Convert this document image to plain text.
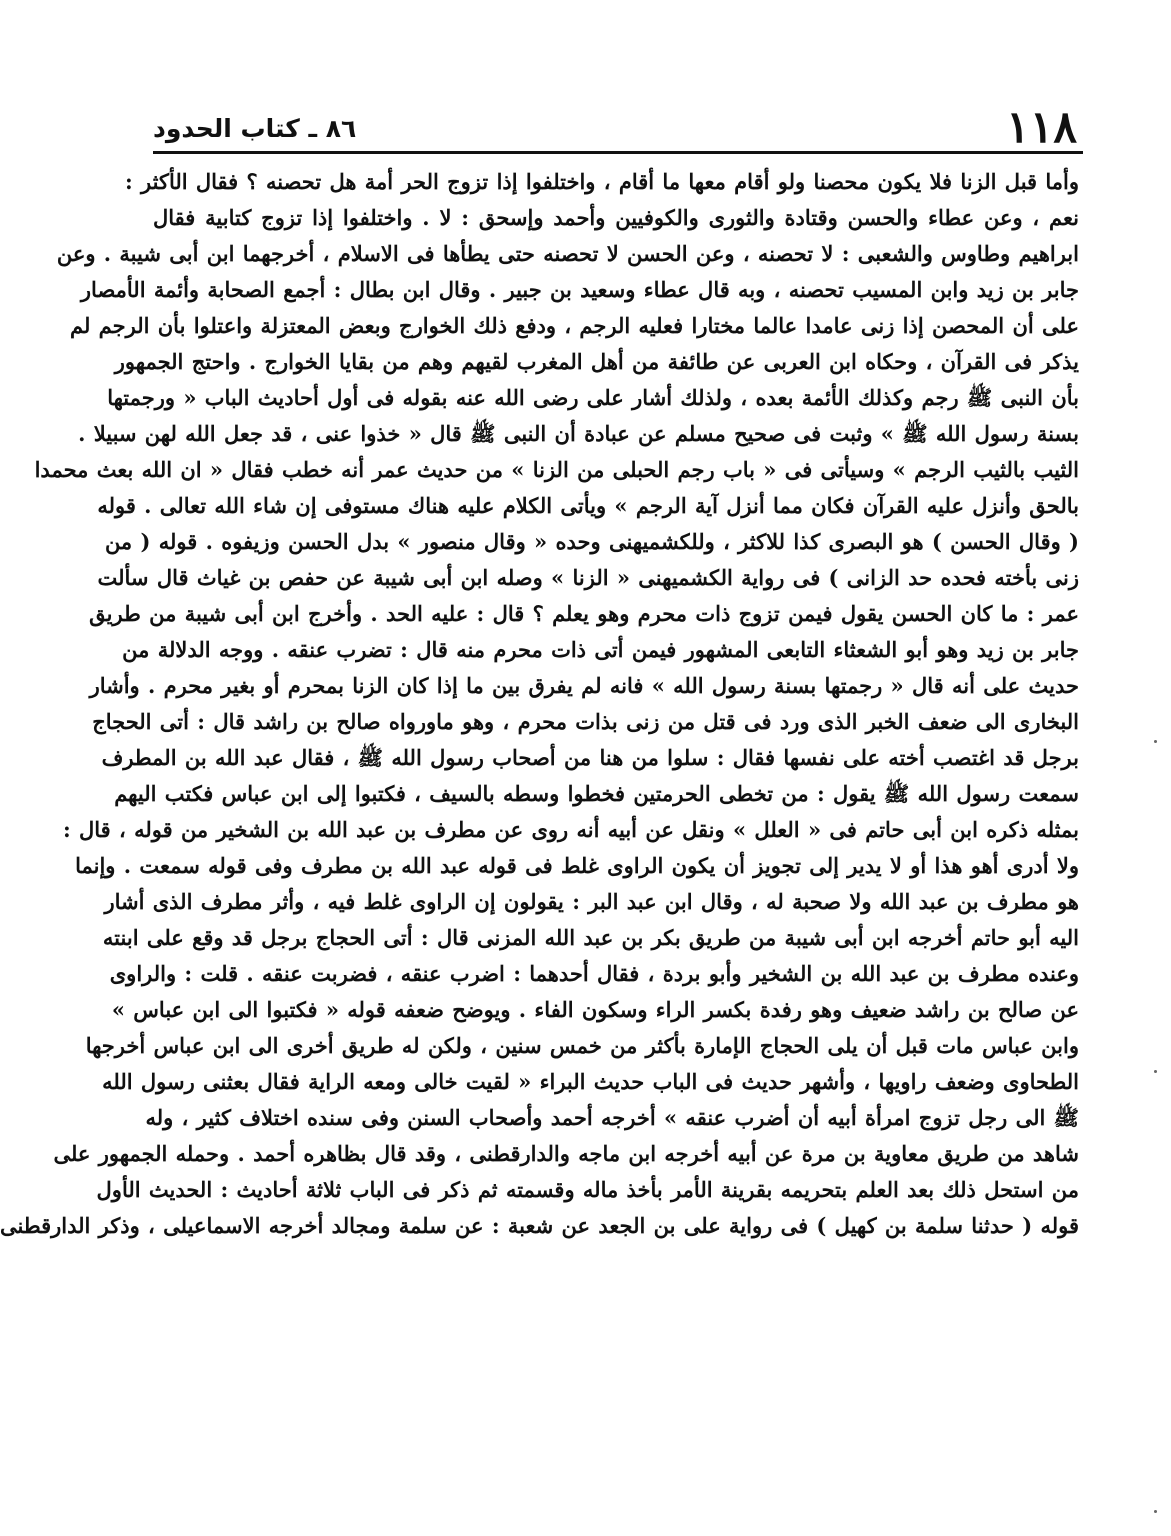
١١٨
٨٦ ـ كتاب الحدود
وأما قبل الزنا فلا يكون محصنا ولو أقام معها ما أقام ، واختلفوا إذا تزوج الحر أمة هل تحصنه ؟ فقال الأكثر :
نعم ، وعن عطاء والحسن وقتادة والثورى والكوفيين وأحمد وإسحق : لا . واختلفوا إذا تزوج كتابية فقال
ابراهيم وطاوس والشعبى : لا تحصنه ، وعن الحسن لا تحصنه حتى يطأها فى الاسلام ، أخرجهما ابن أبى شيبة . وعن
جابر بن زيد وابن المسيب تحصنه ، وبه قال عطاء وسعيد بن جبير . وقال ابن بطال : أجمع الصحابة وأئمة الأمصار
على أن المحصن إذا زنى عامدا عالما مختارا فعليه الرجم ، ودفع ذلك الخوارج وبعض المعتزلة واعتلوا بأن الرجم لم
يذكر فى القرآن ، وحكاه ابن العربى عن طائفة من أهل المغرب لقيهم وهم من بقايا الخوارج . واحتج الجمهور
بأن النبى ﷺ رجم وكذلك الأئمة بعده ، ولذلك أشار على رضى الله عنه بقوله فى أول أحاديث الباب « ورجمتها
بسنة رسول الله ﷺ » وثبت فى صحيح مسلم عن عبادة أن النبى ﷺ قال « خذوا عنى ، قد جعل الله لهن سبيلا .
الثيب بالثيب الرجم » وسيأتى فى « باب رجم الحبلى من الزنا » من حديث عمر أنه خطب فقال « ان الله بعث محمدا
بالحق وأنزل عليه القرآن فكان مما أنزل آية الرجم » ويأتى الكلام عليه هناك مستوفى إن شاء الله تعالى . قوله
( وقال الحسن ) هو البصرى كذا للاكثر ، وللكشميهنى وحده « وقال منصور » بدل الحسن وزيفوه . قوله ( من
زنى بأخته فحده حد الزانى ) فى رواية الكشميهنى « الزنا » وصله ابن أبى شيبة عن حفص بن غياث قال سألت
عمر : ما كان الحسن يقول فيمن تزوج ذات محرم وهو يعلم ؟ قال : عليه الحد . وأخرج ابن أبى شيبة من طريق
جابر بن زيد وهو أبو الشعثاء التابعى المشهور فيمن أتى ذات محرم منه قال : تضرب عنقه . ووجه الدلالة من
حديث على أنه قال « رجمتها بسنة رسول الله » فانه لم يفرق بين ما إذا كان الزنا بمحرم أو بغير محرم . وأشار
البخارى الى ضعف الخبر الذى ورد فى قتل من زنى بذات محرم ، وهو ماورواه صالح بن راشد قال : أتى الحجاج
برجل قد اغتصب أخته على نفسها فقال : سلوا من هنا من أصحاب رسول الله ﷺ ، فقال عبد الله بن المطرف
سمعت رسول الله ﷺ يقول : من تخطى الحرمتين فخطوا وسطه بالسيف ، فكتبوا إلى ابن عباس فكتب اليهم
بمثله ذكره ابن أبى حاتم فى « العلل » ونقل عن أبيه أنه روى عن مطرف بن عبد الله بن الشخير من قوله ، قال :
ولا أدرى أهو هذا أو لا يدير إلى تجويز أن يكون الراوى غلط فى قوله عبد الله بن مطرف وفى قوله سمعت . وإنما
هو مطرف بن عبد الله ولا صحبة له ، وقال ابن عبد البر : يقولون إن الراوى غلط فيه ، وأثر مطرف الذى أشار
اليه أبو حاتم أخرجه ابن أبى شيبة من طريق بكر بن عبد الله المزنى قال : أتى الحجاج برجل قد وقع على ابنته
وعنده مطرف بن عبد الله بن الشخير وأبو بردة ، فقال أحدهما : اضرب عنقه ، فضربت عنقه . قلت : والراوى
عن صالح بن راشد ضعيف وهو رفدة بكسر الراء وسكون الفاء . ويوضح ضعفه قوله « فكتبوا الى ابن عباس »
وابن عباس مات قبل أن يلى الحجاج الإمارة بأكثر من خمس سنين ، ولكن له طريق أخرى الى ابن عباس أخرجها
الطحاوى وضعف راويها ، وأشهر حديث فى الباب حديث البراء « لقيت خالى ومعه الراية فقال بعثنى رسول الله
ﷺ الى رجل تزوج امرأة أبيه أن أضرب عنقه » أخرجه أحمد وأصحاب السنن وفى سنده اختلاف كثير ، وله
شاهد من طريق معاوية بن مرة عن أبيه أخرجه ابن ماجه والدارقطنى ، وقد قال بظاهره أحمد . وحمله الجمهور على
من استحل ذلك بعد العلم بتحريمه بقرينة الأمر بأخذ ماله وقسمته ثم ذكر فى الباب ثلاثة أحاديث : الحديث الأول
قوله ( حدثنا سلمة بن كهيل ) فى رواية على بن الجعد عن شعبة : عن سلمة ومجالد أخرجه الاسماعيلى ، وذكر الدارقطنى
